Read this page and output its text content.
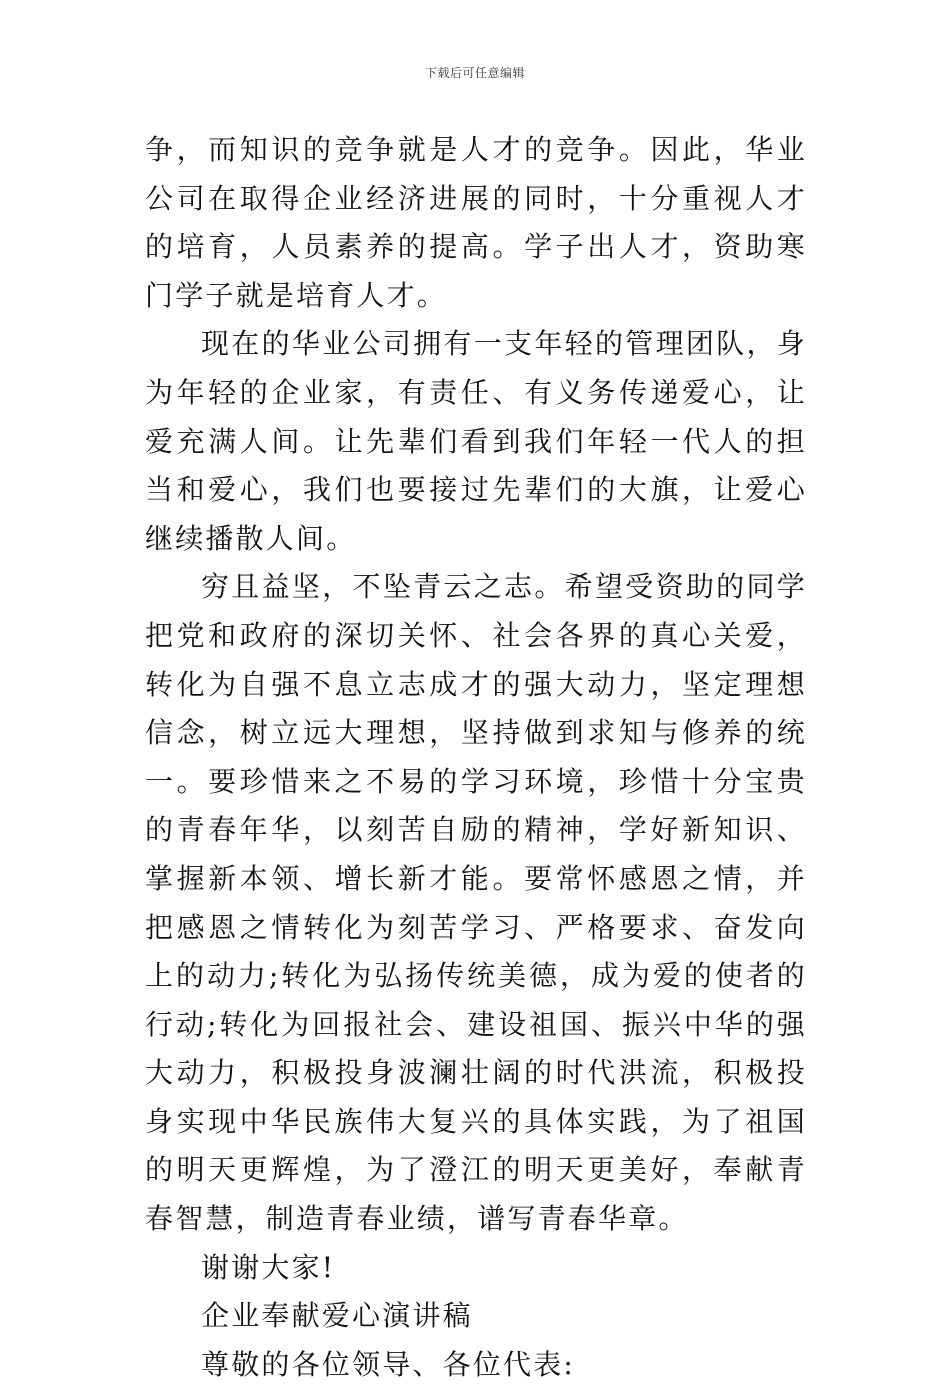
下载后可任意编辑

争，而知识的竞争就是人才的竞争。因此，华业公司在取得企业经济进展的同时，十分重视人才的培育，人员素养的提高。学子出人才，资助寒门学子就是培育人才。

现在的华业公司拥有一支年轻的管理团队，身为年轻的企业家，有责任、有义务传递爱心，让爱充满人间。让先辈们看到我们年轻一代人的担当和爱心，我们也要接过先辈们的大旗，让爱心继续播散人间。

穷且益坚，不坠青云之志。希望受资助的同学把党和政府的深切关怀、社会各界的真心关爱，转化为自强不息立志成才的强大动力，坚定理想信念，树立远大理想，坚持做到求知与修养的统一。要珍惜来之不易的学习环境，珍惜十分宝贵的青春年华，以刻苦自励的精神，学好新知识、掌握新本领、增长新才能。要常怀感恩之情，并把感恩之情转化为刻苦学习、严格要求、奋发向上的动力;转化为弘扬传统美德，成为爱的使者的行动;转化为回报社会、建设祖国、振兴中华的强大动力，积极投身波澜壮阔的时代洪流，积极投身实现中华民族伟大复兴的具体实践，为了祖国的明天更辉煌，为了澄江的明天更美好，奉献青春智慧，制造青春业绩，谱写青春华章。

谢谢大家!

企业奉献爱心演讲稿

尊敬的各位领导、各位代表:
